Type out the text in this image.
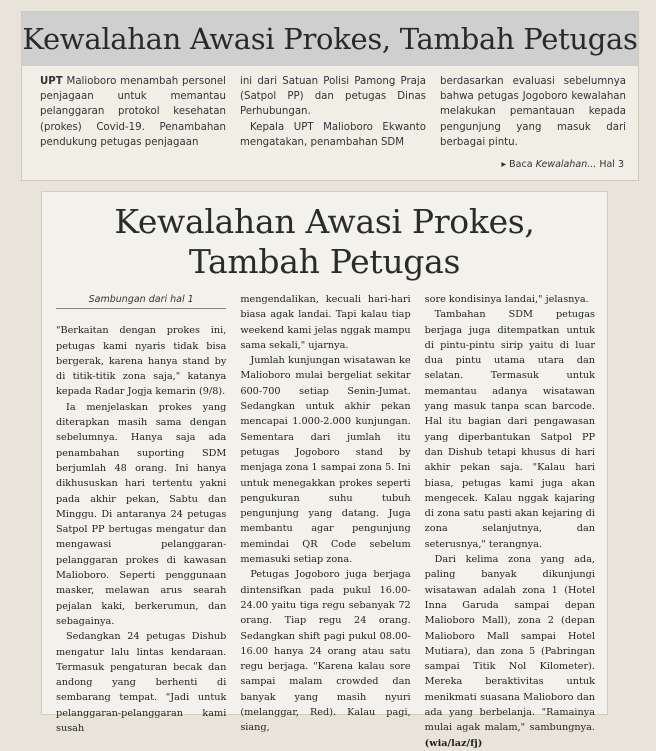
Kewalahan Awasi Prokes, Tambah Petugas

UPT Malioboro menambah personel penjagaan untuk memantau pelanggaran protokol kesehatan (prokes) Covid-19. Penambahan pendukung petugas penjagaan

ini dari Satuan Polisi Pamong Praja (Satpol PP) dan petugas Dinas Perhubungan.

Kepala UPT Malioboro Ekwanto mengatakan, penambahan SDM

berdasarkan evaluasi sebelumnya bahwa petugas Jogoboro kewalahan melakukan pemantauan kepada pengunjung yang masuk dari berbagai pintu.

▸ Baca Kewalahan... Hal 3
Kewalahan Awasi Prokes,
Tambah Petugas
Sambungan dari hal 1

"Berkaitan dengan prokes ini, petugas kami nyaris tidak bisa bergerak, karena hanya stand by di titik-titik zona saja," katanya kepada Radar Jogja kemarin (9/8).

Ia menjelaskan prokes yang diterapkan masih sama dengan sebelumnya. Hanya saja ada penambahan suporting SDM berjumlah 48 orang. Ini hanya dikhususkan hari tertentu yakni pada akhir pekan, Sabtu dan Minggu. Di antaranya 24 petugas Satpol PP bertugas mengatur dan mengawasi pelanggaran-pelanggaran prokes di kawasan Malioboro. Seperti penggunaan masker, melawan arus searah pejalan kaki, berkerumun, dan sebagainya.

Sedangkan 24 petugas Dishub mengatur lalu lintas kendaraan. Termasuk pengaturan becak dan andong yang berhenti di sembarang tempat. "Jadi untuk pelanggaran-pelanggaran kami susah

mengendalikan, kecuali hari-hari biasa agak landai. Tapi kalau tiap weekend kami jelas nggak mampu sama sekali," ujarnya.

Jumlah kunjungan wisatawan ke Malioboro mulai bergeliat sekitar 600-700 setiap Senin-Jumat. Sedangkan untuk akhir pekan mencapai 1.000-2.000 kunjungan. Sementara dari jumlah itu petugas Jogoboro stand by menjaga zona 1 sampai zona 5. Ini untuk menegakkan prokes seperti pengukuran suhu tubuh pengunjung yang datang. Juga membantu agar pengunjung memindai QR Code sebelum memasuki setiap zona.

Petugas Jogoboro juga berjaga dintensifkan pada pukul 16.00-24.00 yaitu tiga regu sebanyak 72 orang. Tiap regu 24 orang. Sedangkan shift pagi pukul 08.00-16.00 hanya 24 orang atau satu regu berjaga. "Karena kalau sore sampai malam crowded dan banyak yang masih nyuri (melanggar, Red). Kalau pagi, siang,

sore kondisinya landai," jelasnya.

Tambahan SDM petugas berjaga juga ditempatkan untuk di pintu-pintu sirip yaitu di luar dua pintu utama utara dan selatan. Termasuk untuk memantau adanya wisatawan yang masuk tanpa scan barcode. Hal itu bagian dari pengawasan yang diperbantukan Satpol PP dan Dishub tetapi khusus di hari akhir pekan saja. "Kalau hari biasa, petugas kami juga akan mengecek. Kalau nggak kajaring di zona satu pasti akan kejaring di zona selanjutnya, dan seterusnya," terangnya.

Dari kelima zona yang ada, paling banyak dikunjungi wisatawan adalah zona 1 (Hotel Inna Garuda sampai depan Malioboro Mall), zona 2 (depan Malioboro Mall sampai Hotel Mutiara), dan zona 5 (Pabringan sampai Titik Nol Kilometer). Mereka beraktivitas untuk menikmati suasana Malioboro dan ada yang berbelanja. "Ramainya mulai agak malam," sambungnya. (wia/laz/fj)
